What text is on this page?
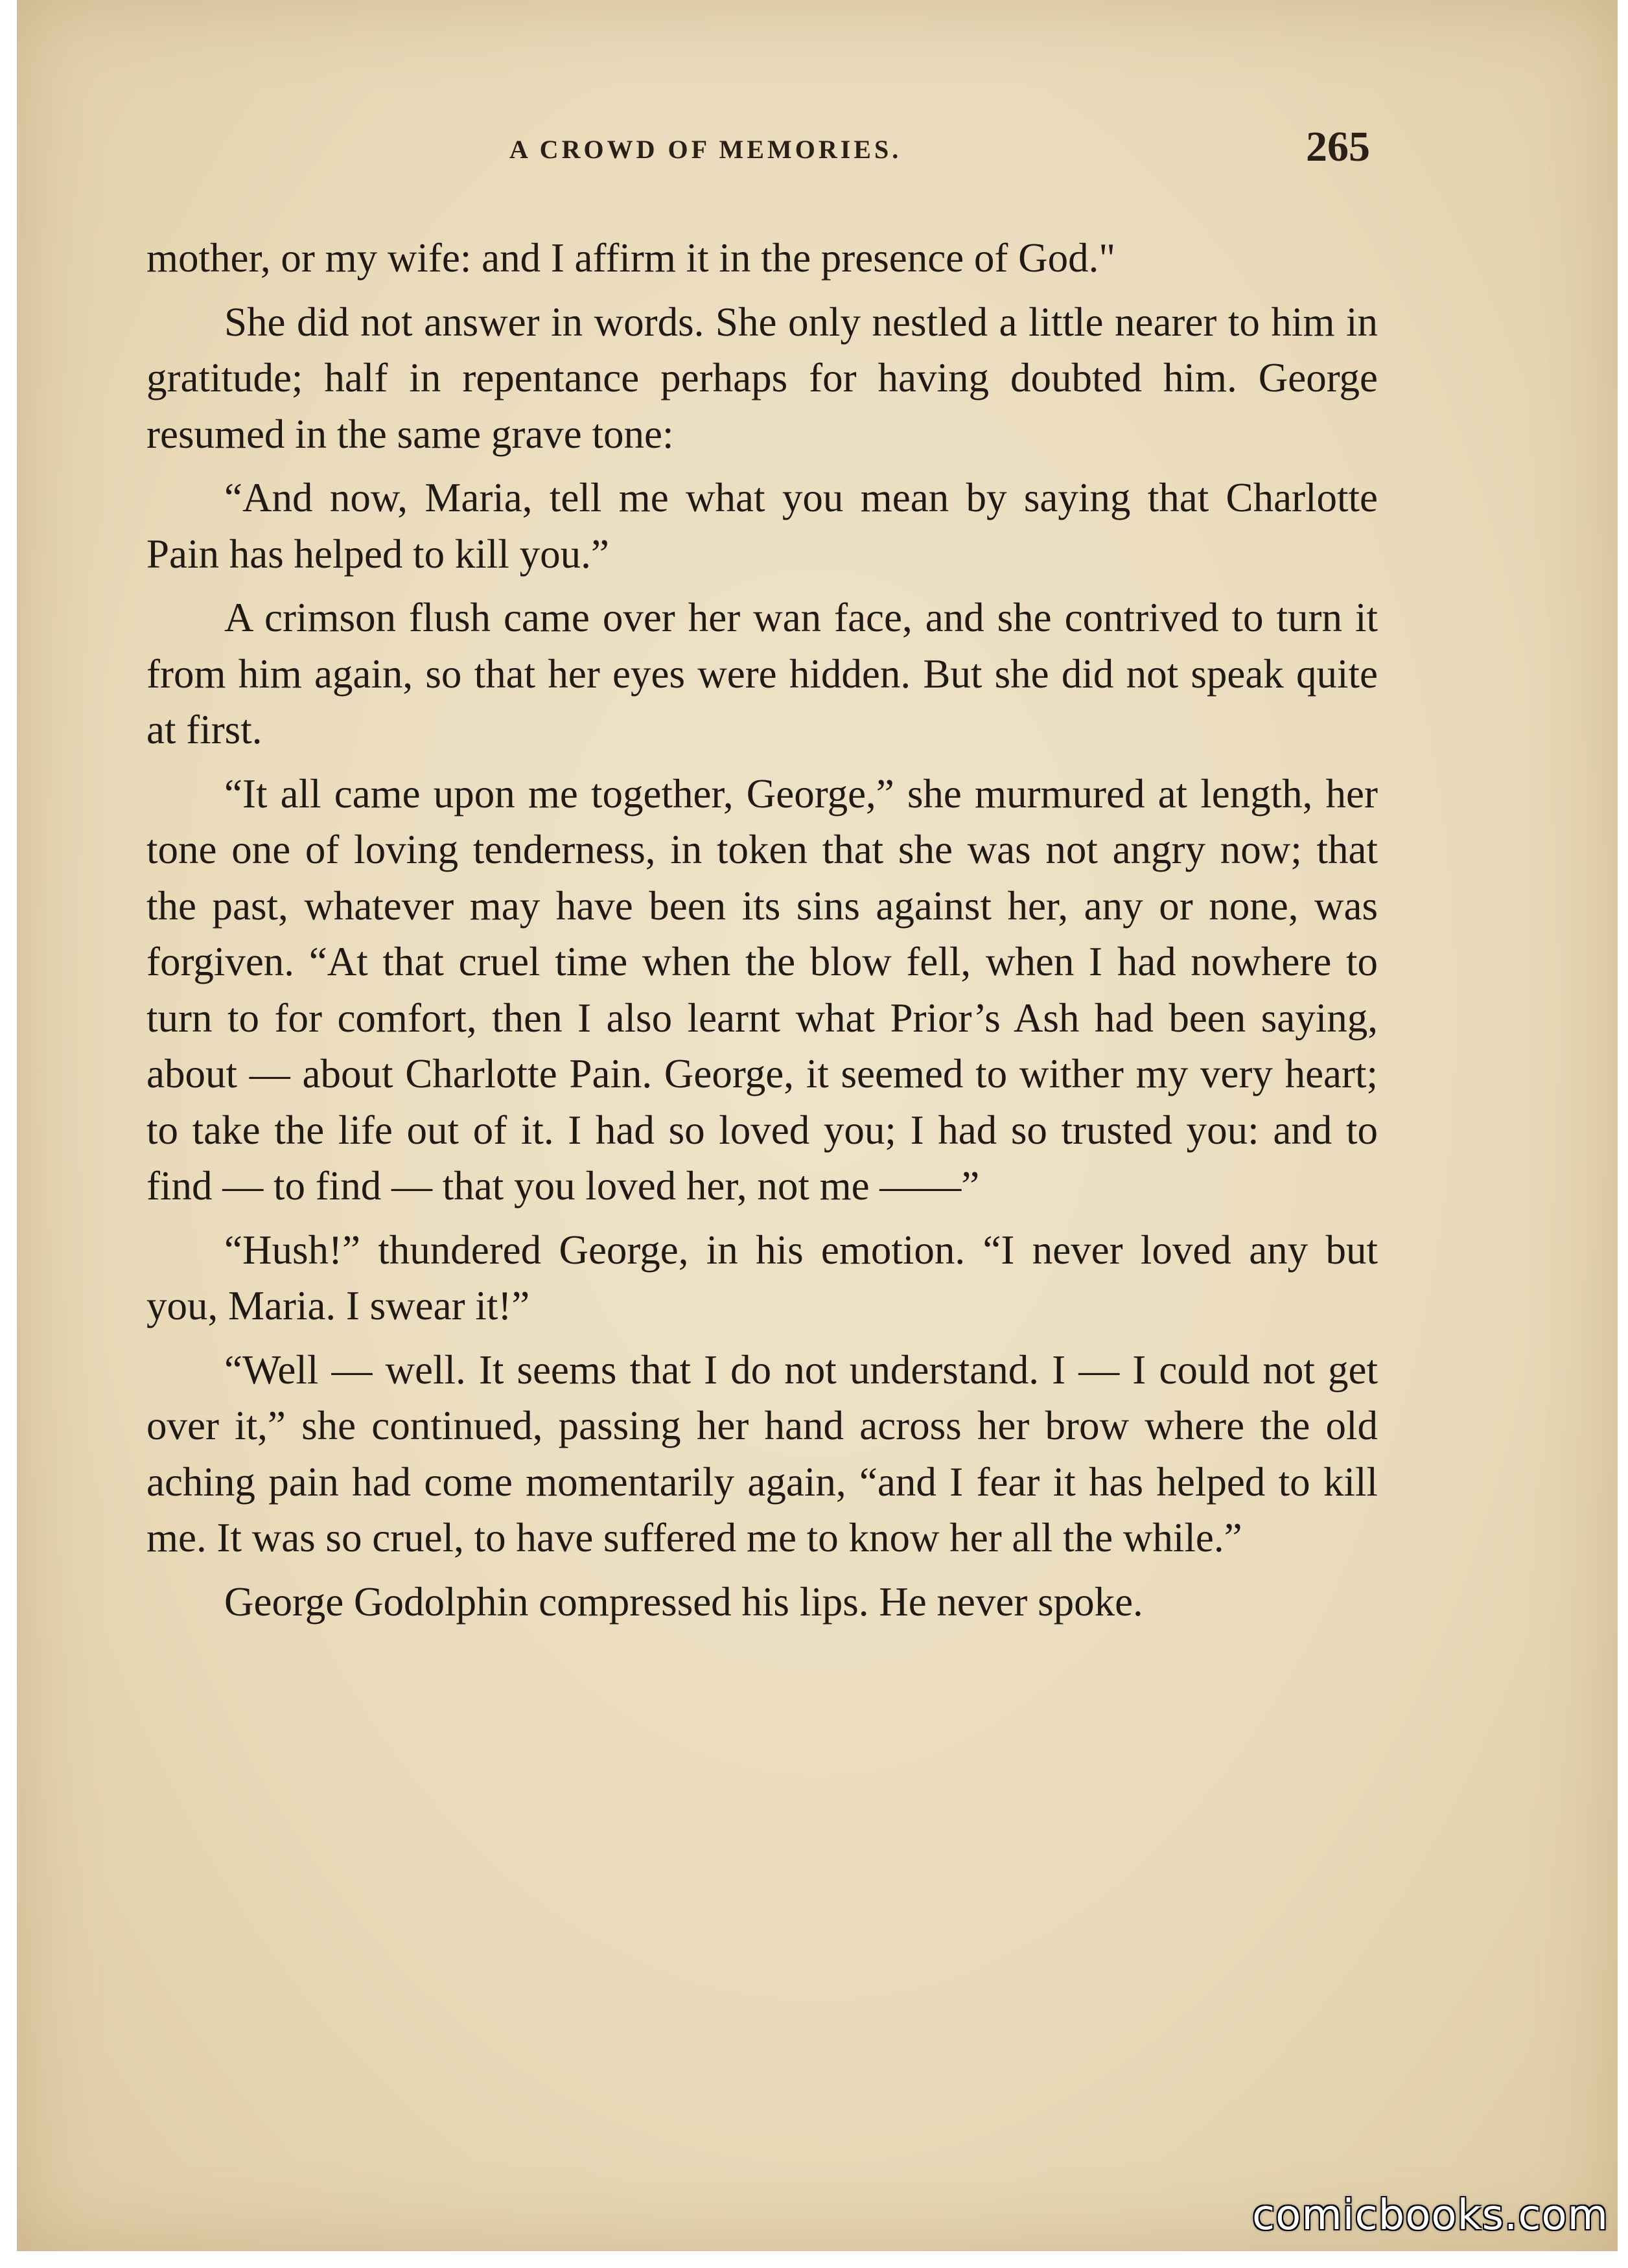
A CROWD OF MEMORIES.	265

mother, or my wife: and I affirm it in the presence of God."

She did not answer in words. She only nestled a little nearer to him in gratitude; half in repentance perhaps for having doubted him. George resumed in the same grave tone:

“And now, Maria, tell me what you mean by saying that Charlotte Pain has helped to kill you.”

A crimson flush came over her wan face, and she contrived to turn it from him again, so that her eyes were hidden. But she did not speak quite at first.

“It all came upon me together, George,” she murmured at length, her tone one of loving tenderness, in token that she was not angry now; that the past, whatever may have been its sins against her, any or none, was forgiven. “At that cruel time when the blow fell, when I had nowhere to turn to for comfort, then I also learnt what Prior’s Ash had been saying, about — about Charlotte Pain. George, it seemed to wither my very heart; to take the life out of it. I had so loved you; I had so trusted you: and to find — to find — that you loved her, not me ——”

“Hush!” thundered George, in his emotion. “I never loved any but you, Maria. I swear it!”

“Well — well. It seems that I do not understand. I — I could not get over it,” she continued, passing her hand across her brow where the old aching pain had come momentarily again, “and I fear it has helped to kill me. It was so cruel, to have suffered me to know her all the while.”

George Godolphin compressed his lips. He never spoke.

comicbooks.com
